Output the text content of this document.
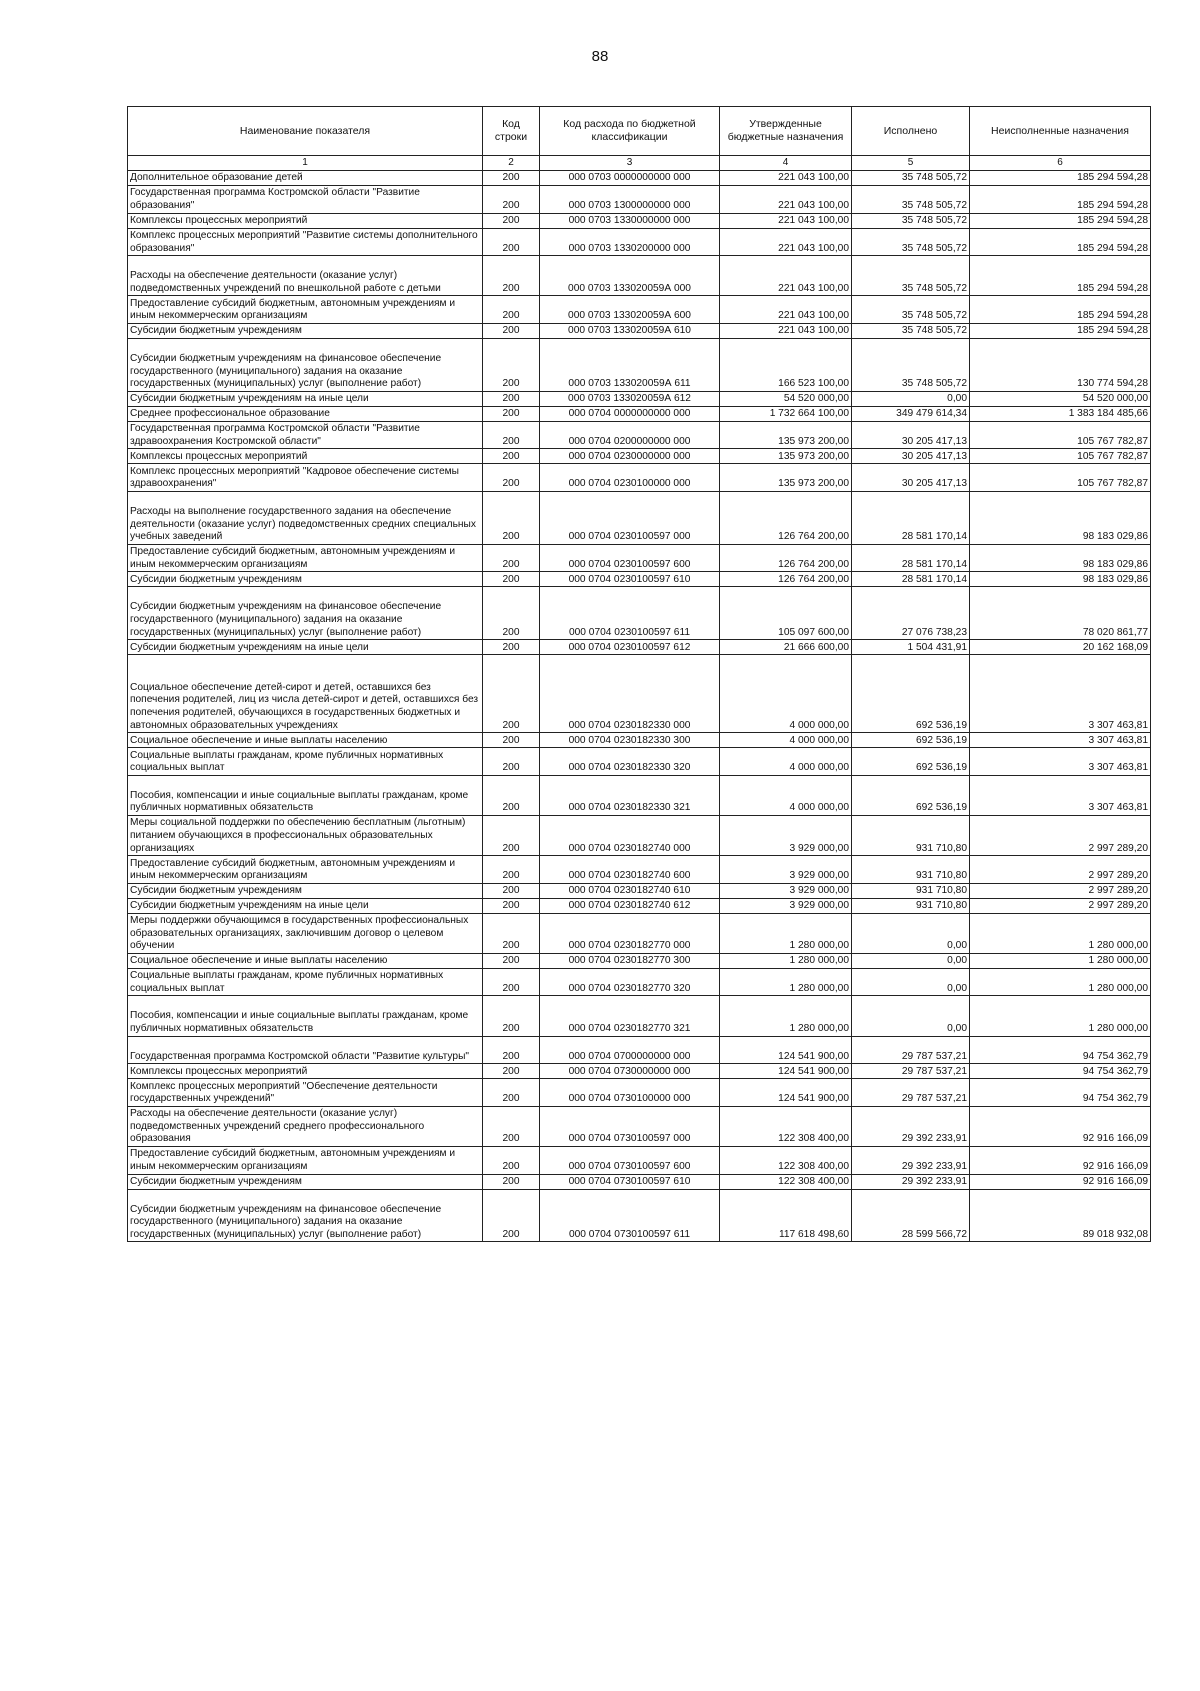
88
Наименование показателя	Код строки	Код расхода по бюджетной классификации	Утвержденные бюджетные назначения	Исполнено	Неисполненные назначения
1	2	3	4	5	6
Дополнительное образование детей	200	000 0703 0000000000 000	221 043 100,00	35 748 505,72	185 294 594,28
Государственная программа Костромской области "Развитие образования"	200	000 0703 1300000000 000	221 043 100,00	35 748 505,72	185 294 594,28
Комплексы процессных мероприятий	200	000 0703 1330000000 000	221 043 100,00	35 748 505,72	185 294 594,28
Комплекс процессных мероприятий "Развитие системы дополнительного образования"	200	000 0703 1330200000 000	221 043 100,00	35 748 505,72	185 294 594,28
Расходы на обеспечение деятельности (оказание услуг) подведомственных учреждений по внешкольной работе с детьми	200	000 0703 133020059А 000	221 043 100,00	35 748 505,72	185 294 594,28
Предоставление субсидий бюджетным, автономным учреждениям и иным некоммерческим организациям	200	000 0703 133020059А 600	221 043 100,00	35 748 505,72	185 294 594,28
Субсидии бюджетным учреждениям	200	000 0703 133020059А 610	221 043 100,00	35 748 505,72	185 294 594,28
Субсидии бюджетным учреждениям на финансовое обеспечение государственного (муниципального) задания на оказание государственных (муниципальных) услуг (выполнение работ)	200	000 0703 133020059А 611	166 523 100,00	35 748 505,72	130 774 594,28
Субсидии бюджетным учреждениям на иные цели	200	000 0703 133020059А 612	54 520 000,00	0,00	54 520 000,00
Среднее профессиональное образование	200	000 0704 0000000000 000	1 732 664 100,00	349 479 614,34	1 383 184 485,66
Государственная программа Костромской области "Развитие здравоохранения Костромской области"	200	000 0704 0200000000 000	135 973 200,00	30 205 417,13	105 767 782,87
Комплексы процессных мероприятий	200	000 0704 0230000000 000	135 973 200,00	30 205 417,13	105 767 782,87
Комплекс процессных мероприятий "Кадровое обеспечение системы здравоохранения"	200	000 0704 0230100000 000	135 973 200,00	30 205 417,13	105 767 782,87
Расходы на выполнение государственного задания на обеспечение деятельности (оказание услуг) подведомственных средних специальных учебных заведений	200	000 0704 0230100597 000	126 764 200,00	28 581 170,14	98 183 029,86
Предоставление субсидий бюджетным, автономным учреждениям и иным некоммерческим организациям	200	000 0704 0230100597 600	126 764 200,00	28 581 170,14	98 183 029,86
Субсидии бюджетным учреждениям	200	000 0704 0230100597 610	126 764 200,00	28 581 170,14	98 183 029,86
Субсидии бюджетным учреждениям на финансовое обеспечение государственного (муниципального) задания на оказание государственных (муниципальных) услуг (выполнение работ)	200	000 0704 0230100597 611	105 097 600,00	27 076 738,23	78 020 861,77
Субсидии бюджетным учреждениям на иные цели	200	000 0704 0230100597 612	21 666 600,00	1 504 431,91	20 162 168,09
Социальное обеспечение детей-сирот и детей, оставшихся без попечения родителей, лиц из числа детей-сирот и детей, оставшихся без попечения родителей, обучающихся в государственных бюджетных и автономных образовательных учреждениях	200	000 0704 0230182330 000	4 000 000,00	692 536,19	3 307 463,81
Социальное обеспечение и иные выплаты населению	200	000 0704 0230182330 300	4 000 000,00	692 536,19	3 307 463,81
Социальные выплаты гражданам, кроме публичных нормативных социальных выплат	200	000 0704 0230182330 320	4 000 000,00	692 536,19	3 307 463,81
Пособия, компенсации и иные социальные выплаты гражданам, кроме публичных нормативных обязательств	200	000 0704 0230182330 321	4 000 000,00	692 536,19	3 307 463,81
Меры социальной поддержки по обеспечению бесплатным (льготным) питанием обучающихся в профессиональных образовательных организациях	200	000 0704 0230182740 000	3 929 000,00	931 710,80	2 997 289,20
Предоставление субсидий бюджетным, автономным учреждениям и иным некоммерческим организациям	200	000 0704 0230182740 600	3 929 000,00	931 710,80	2 997 289,20
Субсидии бюджетным учреждениям	200	000 0704 0230182740 610	3 929 000,00	931 710,80	2 997 289,20
Субсидии бюджетным учреждениям на иные цели	200	000 0704 0230182740 612	3 929 000,00	931 710,80	2 997 289,20
Меры поддержки обучающимся в государственных профессиональных образовательных организациях, заключившим договор о целевом обучении	200	000 0704 0230182770 000	1 280 000,00	0,00	1 280 000,00
Социальное обеспечение и иные выплаты населению	200	000 0704 0230182770 300	1 280 000,00	0,00	1 280 000,00
Социальные выплаты гражданам, кроме публичных нормативных социальных выплат	200	000 0704 0230182770 320	1 280 000,00	0,00	1 280 000,00
Пособия, компенсации и иные социальные выплаты гражданам, кроме публичных нормативных обязательств	200	000 0704 0230182770 321	1 280 000,00	0,00	1 280 000,00
Государственная программа Костромской области "Развитие культуры"	200	000 0704 0700000000 000	124 541 900,00	29 787 537,21	94 754 362,79
Комплексы процессных мероприятий	200	000 0704 0730000000 000	124 541 900,00	29 787 537,21	94 754 362,79
Комплекс процессных мероприятий "Обеспечение деятельности государственных учреждений"	200	000 0704 0730100000 000	124 541 900,00	29 787 537,21	94 754 362,79
Расходы на обеспечение деятельности (оказание услуг) подведомственных учреждений среднего профессионального образования	200	000 0704 0730100597 000	122 308 400,00	29 392 233,91	92 916 166,09
Предоставление субсидий бюджетным, автономным учреждениям и иным некоммерческим организациям	200	000 0704 0730100597 600	122 308 400,00	29 392 233,91	92 916 166,09
Субсидии бюджетным учреждениям	200	000 0704 0730100597 610	122 308 400,00	29 392 233,91	92 916 166,09
Субсидии бюджетным учреждениям на финансовое обеспечение государственного (муниципального) задания на оказание государственных (муниципальных) услуг (выполнение работ)	200	000 0704 0730100597 611	117 618 498,60	28 599 566,72	89 018 932,08
